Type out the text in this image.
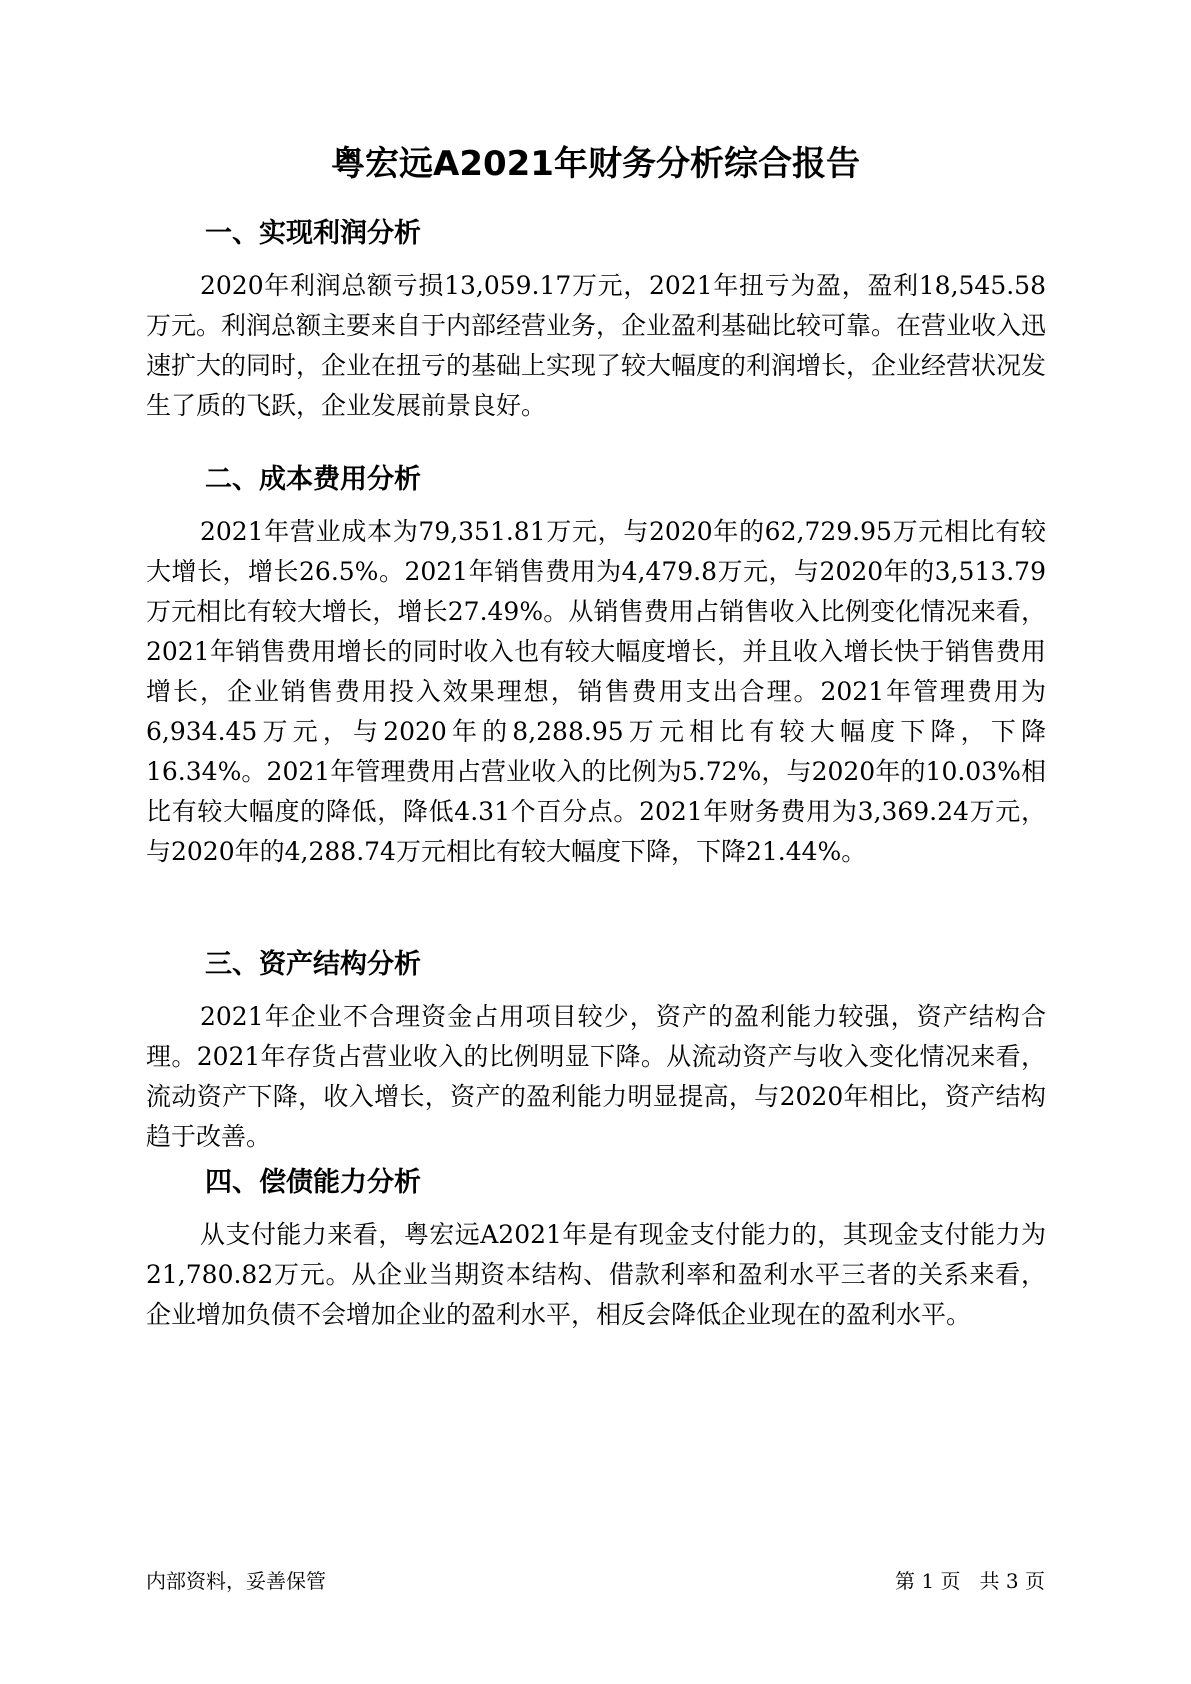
粤宏远A2021年财务分析综合报告
一、实现利润分析

2020年利润总额亏损13,059.17万元，2021年扭亏为盈，盈利18,545.58万元。利润总额主要来自于内部经营业务，企业盈利基础比较可靠。在营业收入迅速扩大的同时，企业在扭亏的基础上实现了较大幅度的利润增长，企业经营状况发生了质的飞跃，企业发展前景良好。

二、成本费用分析

2021年营业成本为79,351.81万元，与2020年的62,729.95万元相比有较大增长，增长26.5%。2021年销售费用为4,479.8万元，与2020年的3,513.79万元相比有较大增长，增长27.49%。从销售费用占销售收入比例变化情况来看，2021年销售费用增长的同时收入也有较大幅度增长，并且收入增长快于销售费用增长，企业销售费用投入效果理想，销售费用支出合理。2021年管理费用为6,934.45万元，与2020年的8,288.95万元相比有较大幅度下降，下降16.34%。2021年管理费用占营业收入的比例为5.72%，与2020年的10.03%相比有较大幅度的降低，降低4.31个百分点。2021年财务费用为3,369.24万元，与2020年的4,288.74万元相比有较大幅度下降，下降21.44%。

三、资产结构分析

2021年企业不合理资金占用项目较少，资产的盈利能力较强，资产结构合理。2021年存货占营业收入的比例明显下降。从流动资产与收入变化情况来看，流动资产下降，收入增长，资产的盈利能力明显提高，与2020年相比，资产结构趋于改善。

四、偿债能力分析

从支付能力来看，粤宏远A2021年是有现金支付能力的，其现金支付能力为21,780.82万元。从企业当期资本结构、借款利率和盈利水平三者的关系来看，企业增加负债不会增加企业的盈利水平，相反会降低企业现在的盈利水平。

内部资料，妥善保管	第 1 页   共 3 页
